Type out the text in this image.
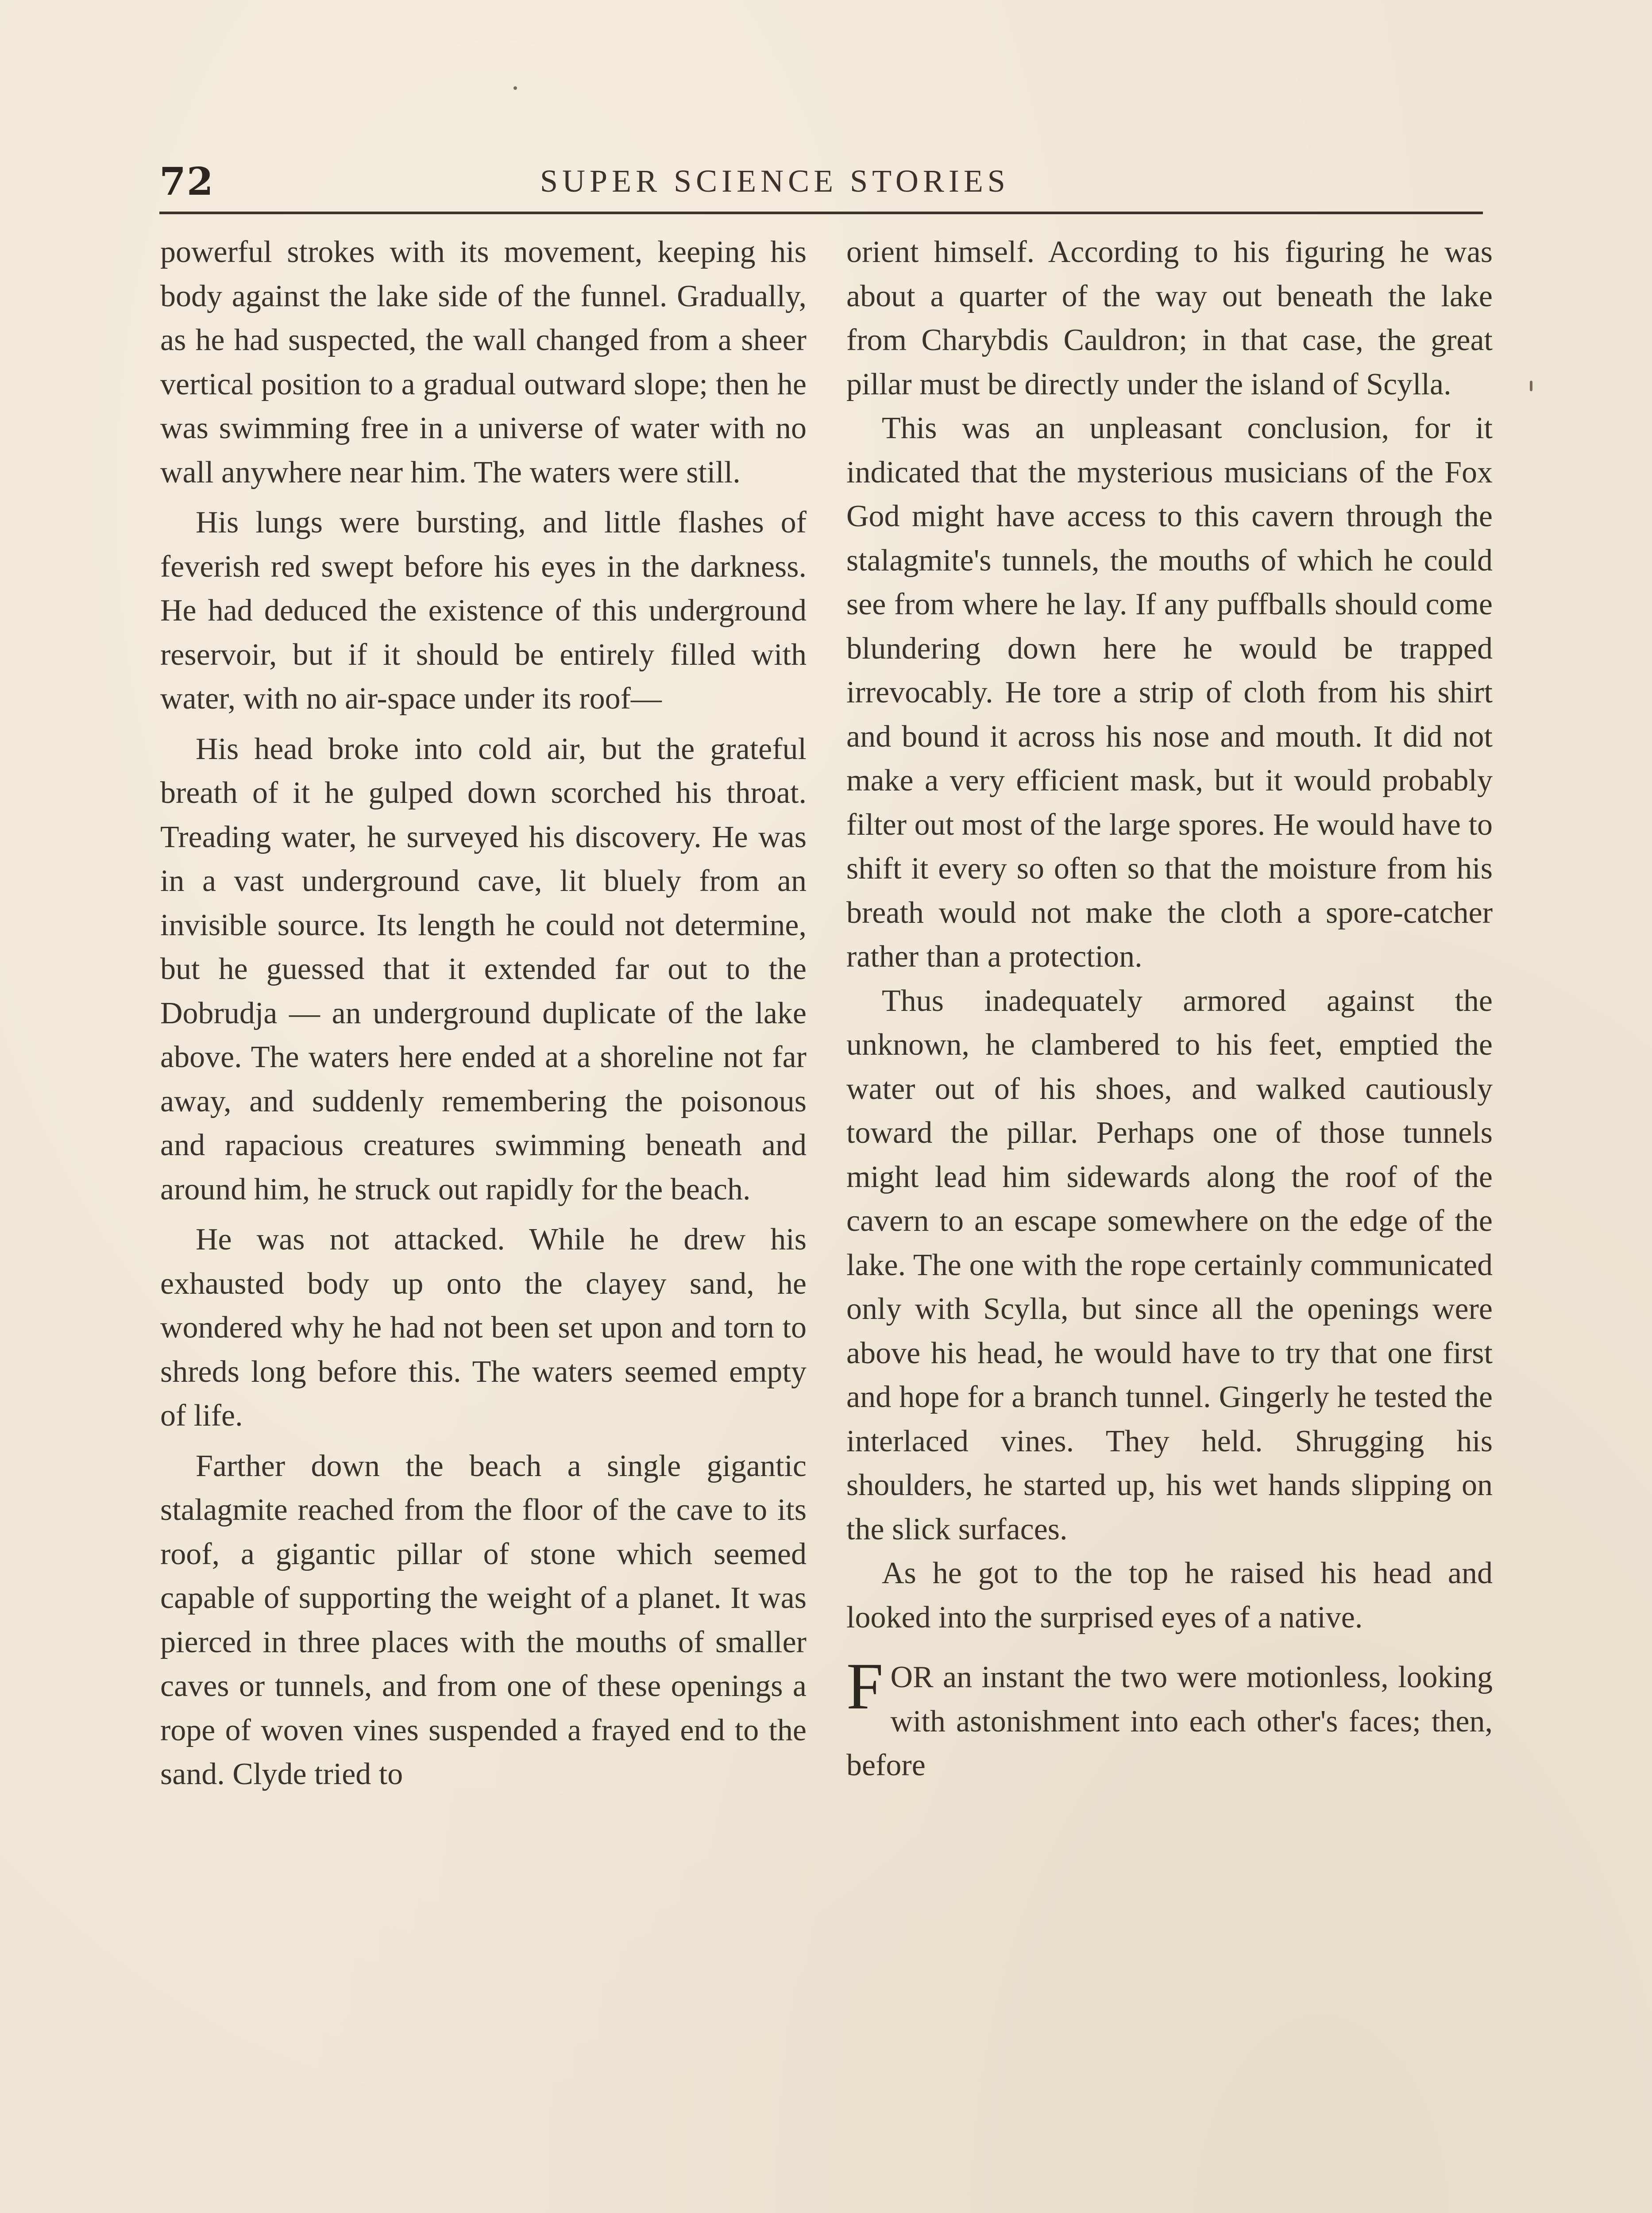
72	SUPER SCIENCE STORIES

powerful strokes with its movement, keeping his body against the lake side of the funnel. Gradually, as he had suspected, the wall changed from a sheer vertical position to a gradual outward slope; then he was swimming free in a universe of water with no wall anywhere near him. The waters were still.

His lungs were bursting, and little flashes of feverish red swept before his eyes in the darkness. He had deduced the existence of this underground reservoir, but if it should be entirely filled with water, with no air-space under its roof—

His head broke into cold air, but the grateful breath of it he gulped down scorched his throat. Treading water, he surveyed his discovery. He was in a vast underground cave, lit bluely from an invisible source. Its length he could not determine, but he guessed that it extended far out to the Dobrudja — an underground duplicate of the lake above. The waters here ended at a shoreline not far away, and suddenly remembering the poisonous and rapacious creatures swimming beneath and around him, he struck out rapidly for the beach.

He was not attacked. While he drew his exhausted body up onto the clayey sand, he wondered why he had not been set upon and torn to shreds long before this. The waters seemed empty of life.

Farther down the beach a single gigantic stalagmite reached from the floor of the cave to its roof, a gigantic pillar of stone which seemed capable of supporting the weight of a planet. It was pierced in three places with the mouths of smaller caves or tunnels, and from one of these openings a rope of woven vines suspended a frayed end to the sand. Clyde tried to

orient himself. According to his figuring he was about a quarter of the way out beneath the lake from Charybdis Cauldron; in that case, the great pillar must be directly under the island of Scylla.

This was an unpleasant conclusion, for it indicated that the mysterious musicians of the Fox God might have access to this cavern through the stalagmite's tunnels, the mouths of which he could see from where he lay. If any puffballs should come blundering down here he would be trapped irrevocably. He tore a strip of cloth from his shirt and bound it across his nose and mouth. It did not make a very efficient mask, but it would probably filter out most of the large spores. He would have to shift it every so often so that the moisture from his breath would not make the cloth a spore-catcher rather than a protection.

Thus inadequately armored against the unknown, he clambered to his feet, emptied the water out of his shoes, and walked cautiously toward the pillar. Perhaps one of those tunnels might lead him sidewards along the roof of the cavern to an escape somewhere on the edge of the lake. The one with the rope certainly communicated only with Scylla, but since all the openings were above his head, he would have to try that one first and hope for a branch tunnel. Gingerly he tested the interlaced vines. They held. Shrugging his shoulders, he started up, his wet hands slipping on the slick surfaces.

As he got to the top he raised his head and looked into the surprised eyes of a native.

FOR an instant the two were motionless, looking with astonishment into each other's faces; then, before
